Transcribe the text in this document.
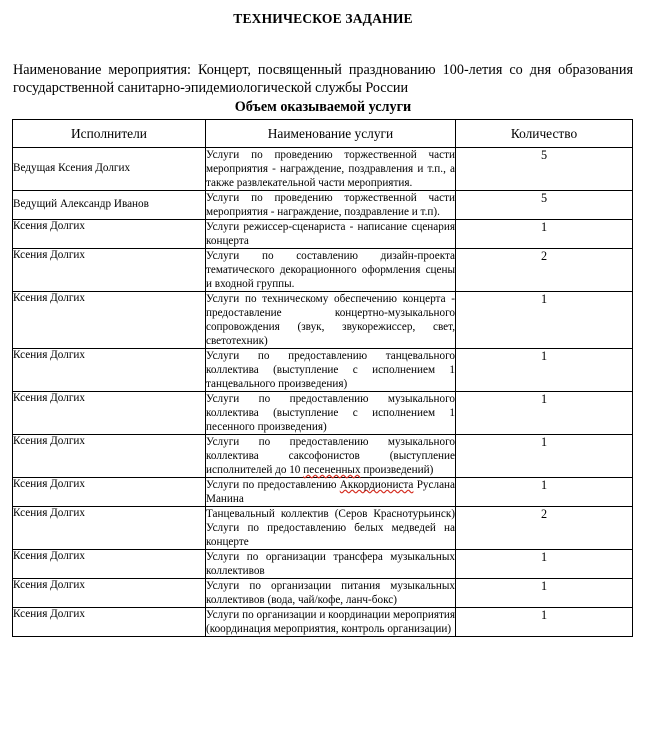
ТЕХНИЧЕСКОЕ ЗАДАНИЕ

Наименование мероприятия: Концерт, посвященный празднованию 100-летия со дня образования государственной санитарно-эпидемиологической службы России

Объем оказываемой услуги
Исполнители	Наименование услуги	Количество
Ведущая Ксения Долгих	Услуги по проведению торжественной части мероприятия - награждение, поздравления и т.п., а также развлекательной части мероприятия.	5
Ведущий Александр Иванов	Услуги по проведению торжественной части мероприятия - награждение, поздравление и т.п).	5
Ксения Долгих	Услуги режиссер-сценариста - написание сценария концерта	1
Ксения Долгих	Услуги по составлению дизайн-проекта тематического декорационного оформления сцены и входной группы.	2
Ксения Долгих	Услуги по техническому обеспечению концерта - предоставление концертно-музыкального сопровождения (звук, звукорежиссер, свет, светотехник)	1
Ксения Долгих	Услуги по предоставлению танцевального коллектива (выступление с исполнением 1 танцевального произведения)	1
Ксения Долгих	Услуги по предоставлению музыкального коллектива (выступление с исполнением 1 песенного произведения)	1
Ксения Долгих	Услуги по предоставлению музыкального коллектива саксофонистов (выступление исполнителей до 10 песененных произведений)	1
Ксения Долгих	Услуги по предоставлению Аккордиониста Руслана Манина	1
Ксения Долгих	Танцевальный коллектив (Серов Краснотурьинск) Услуги по предоставлению белых медведей на концерте	2
Ксения Долгих	Услуги по организации трансфера музыкальных коллективов	1
Ксения Долгих	Услуги по организации питания музыкальных коллективов (вода, чай/кофе, ланч-бокс)	1
Ксения Долгих	Услуги по организации и координации мероприятия (координация мероприятия, контроль организации)	1
